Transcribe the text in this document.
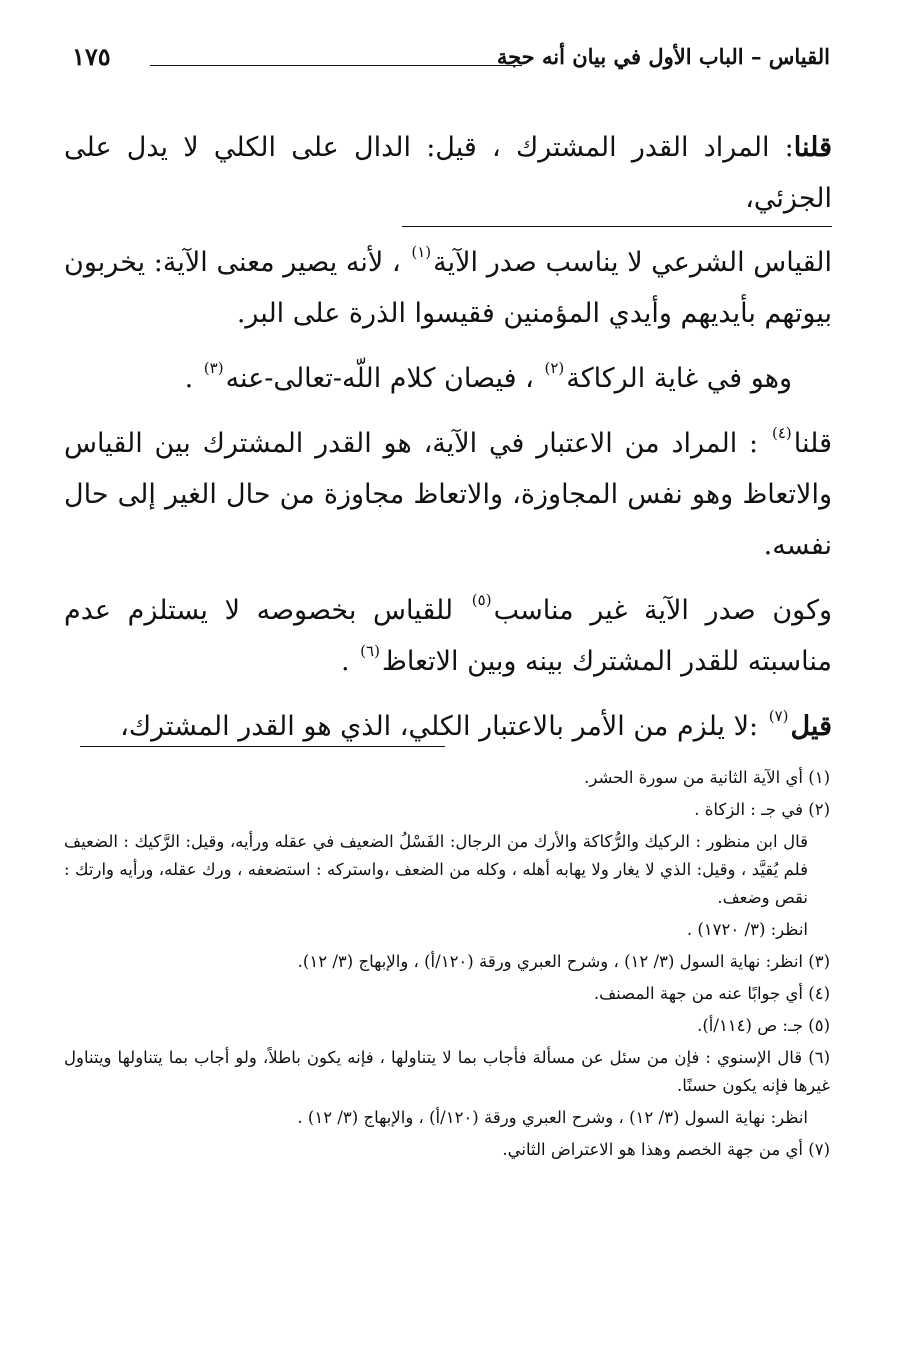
القياس – الباب الأول في بيان أنه حجة
١٧٥

قلنا: المراد القدر المشترك ، قيل: الدال على الكلي لا يدل على الجزئي،

القياس الشرعي لا يناسب صدر الآية$^{(١)}$ ، لأنه يصير معنى الآية: يخربون بيوتهم بأيديهم وأيدي المؤمنين فقيسوا الذرة على البر.

وهو في غاية الركاكة$^{(٢)}$ ، فيصان كلام اللّه-تعالى-عنه$^{(٣)}$ .

قلنا$^{(٤)}$ : المراد من الاعتبار في الآية، هو القدر المشترك بين القياس والاتعاظ وهو نفس المجاوزة، والاتعاظ مجاوزة من حال الغير إلى حال نفسه.

وكون صدر الآية غير مناسب$^{(٥)}$ للقياس بخصوصه لا يستلزم عدم مناسبته للقدر المشترك بينه وبين الاتعاظ$^{(٦)}$ .

قيل$^{(٧)}$ :لا يلزم من الأمر بالاعتبار الكلي، الذي هو القدر المشترك،

(١) أي الآية الثانية من سورة الحشر.

(٢) في جـ : الزكاة .

قال ابن منظور : الركيك والرُّكاكة والأرك من الرجال: الفَسْلُ الضعيف في عقله ورأيه، وقيل: الرَّكيك : الضعيف فلم يُقيَّد ، وقيل: الذي لا يغار ولا يهابه أهله ، وكله من الضعف ،واستركه : استضعفه ، ورك عقله، ورأيه وارتك : نقص وضعف.

انظر: (٣/ ١٧٢٠) .

(٣) انظر: نهاية السول (٣/ ١٢) ، وشرح العبري ورقة (١٢٠/أ) ، والإبهاج (٣/ ١٢).

(٤) أي جوابًا عنه من جهة المصنف.

(٥) جـ: ص (١١٤/أ).

(٦) قال الإسنوي : فإن من سئل عن مسألة فأجاب بما لا يتناولها ، فإنه يكون باطلاً، ولو أجاب بما يتناولها ويتناول غيرها فإنه يكون حسنًا.

انظر: نهاية السول (٣/ ١٢) ، وشرح العبري ورقة (١٢٠/أ) ، والإبهاج (٣/ ١٢) .

(٧) أي من جهة الخصم وهذا هو الاعتراض الثاني.
